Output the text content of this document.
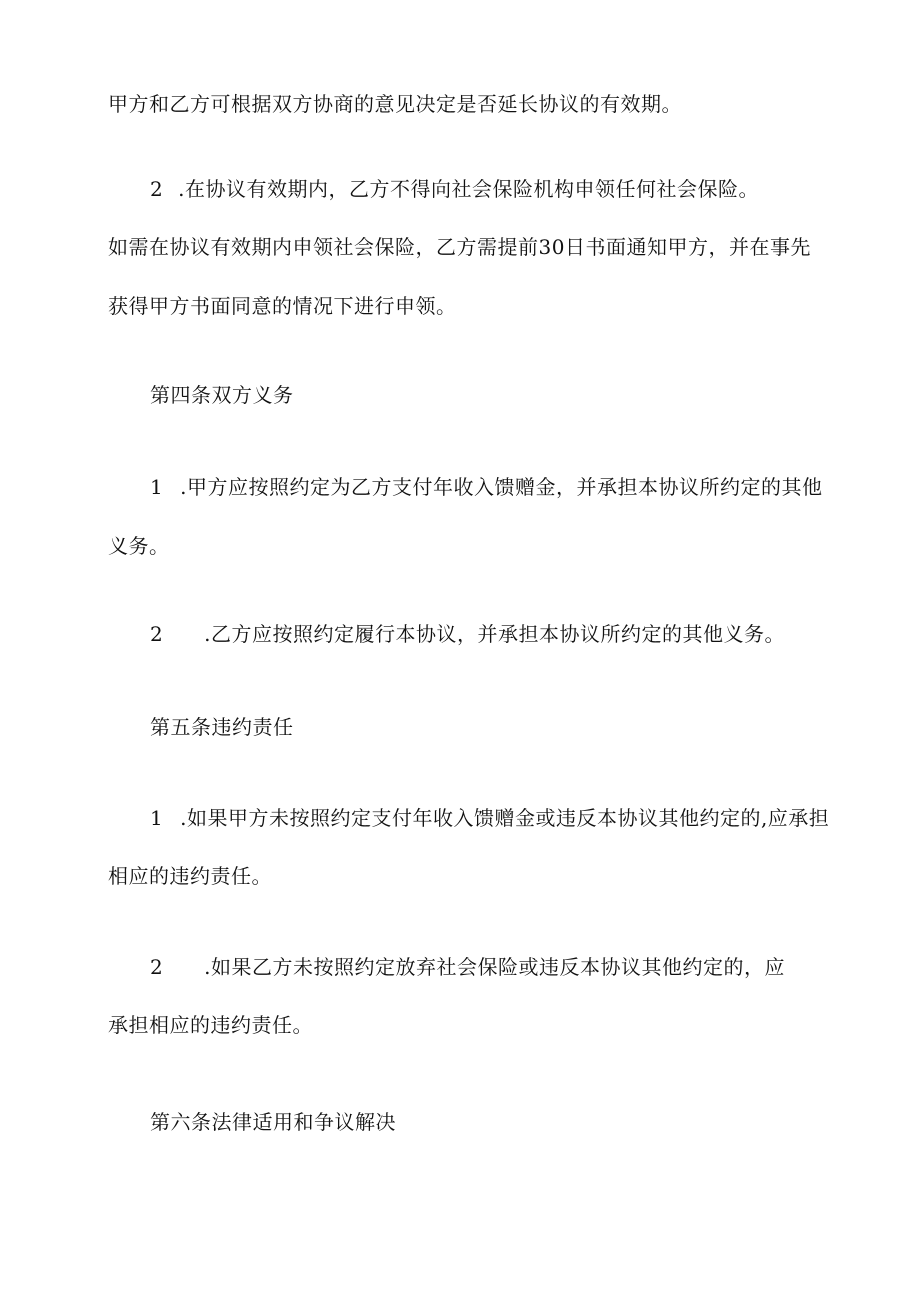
甲方和乙方可根据双方协商的意见决定是否延长协议的有效期。
2 .在协议有效期内，乙方不得向社会保险机构申领任何社会保险。
如需在协议有效期内申领社会保险，乙方需提前30日书面通知甲方，并在事先
获得甲方书面同意的情况下进行申领。
第四条双方义务
1 .甲方应按照约定为乙方支付年收入馈赠金，并承担本协议所约定的其他
义务。
2 .乙方应按照约定履行本协议，并承担本协议所约定的其他义务。
第五条违约责任
1 .如果甲方未按照约定支付年收入馈赠金或违反本协议其他约定的,应承担
相应的违约责任。
2 .如果乙方未按照约定放弃社会保险或违反本协议其他约定的，应
承担相应的违约责任。
第六条法律适用和争议解决
